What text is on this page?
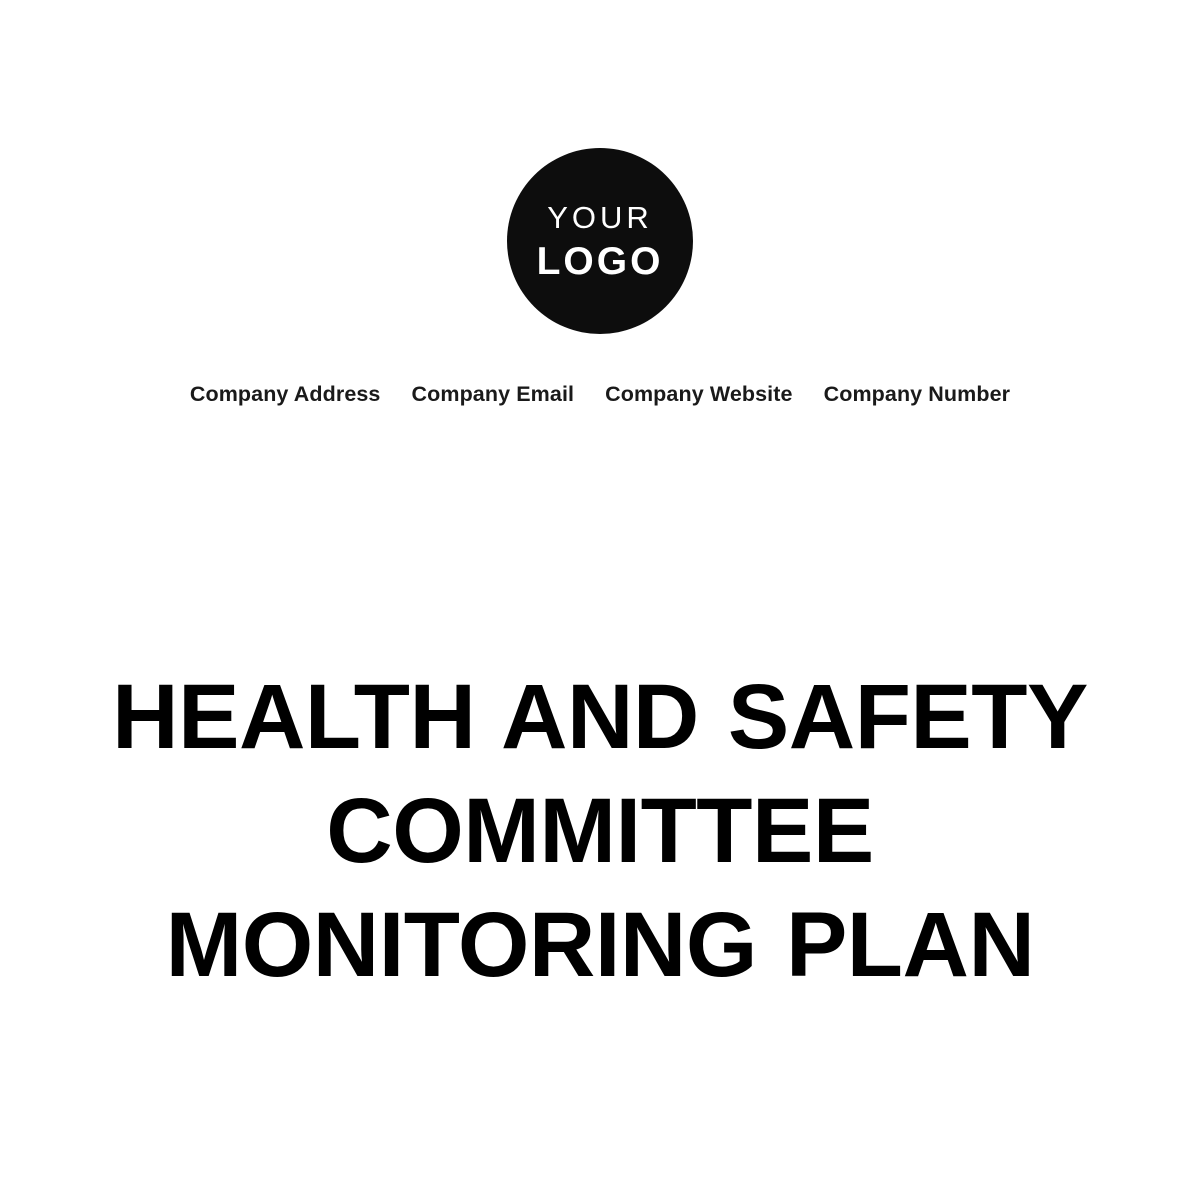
YOUR
LOGO
Company Address Company Email Company Website Company Number
HEALTH AND SAFETY COMMITTEE MONITORING PLAN
